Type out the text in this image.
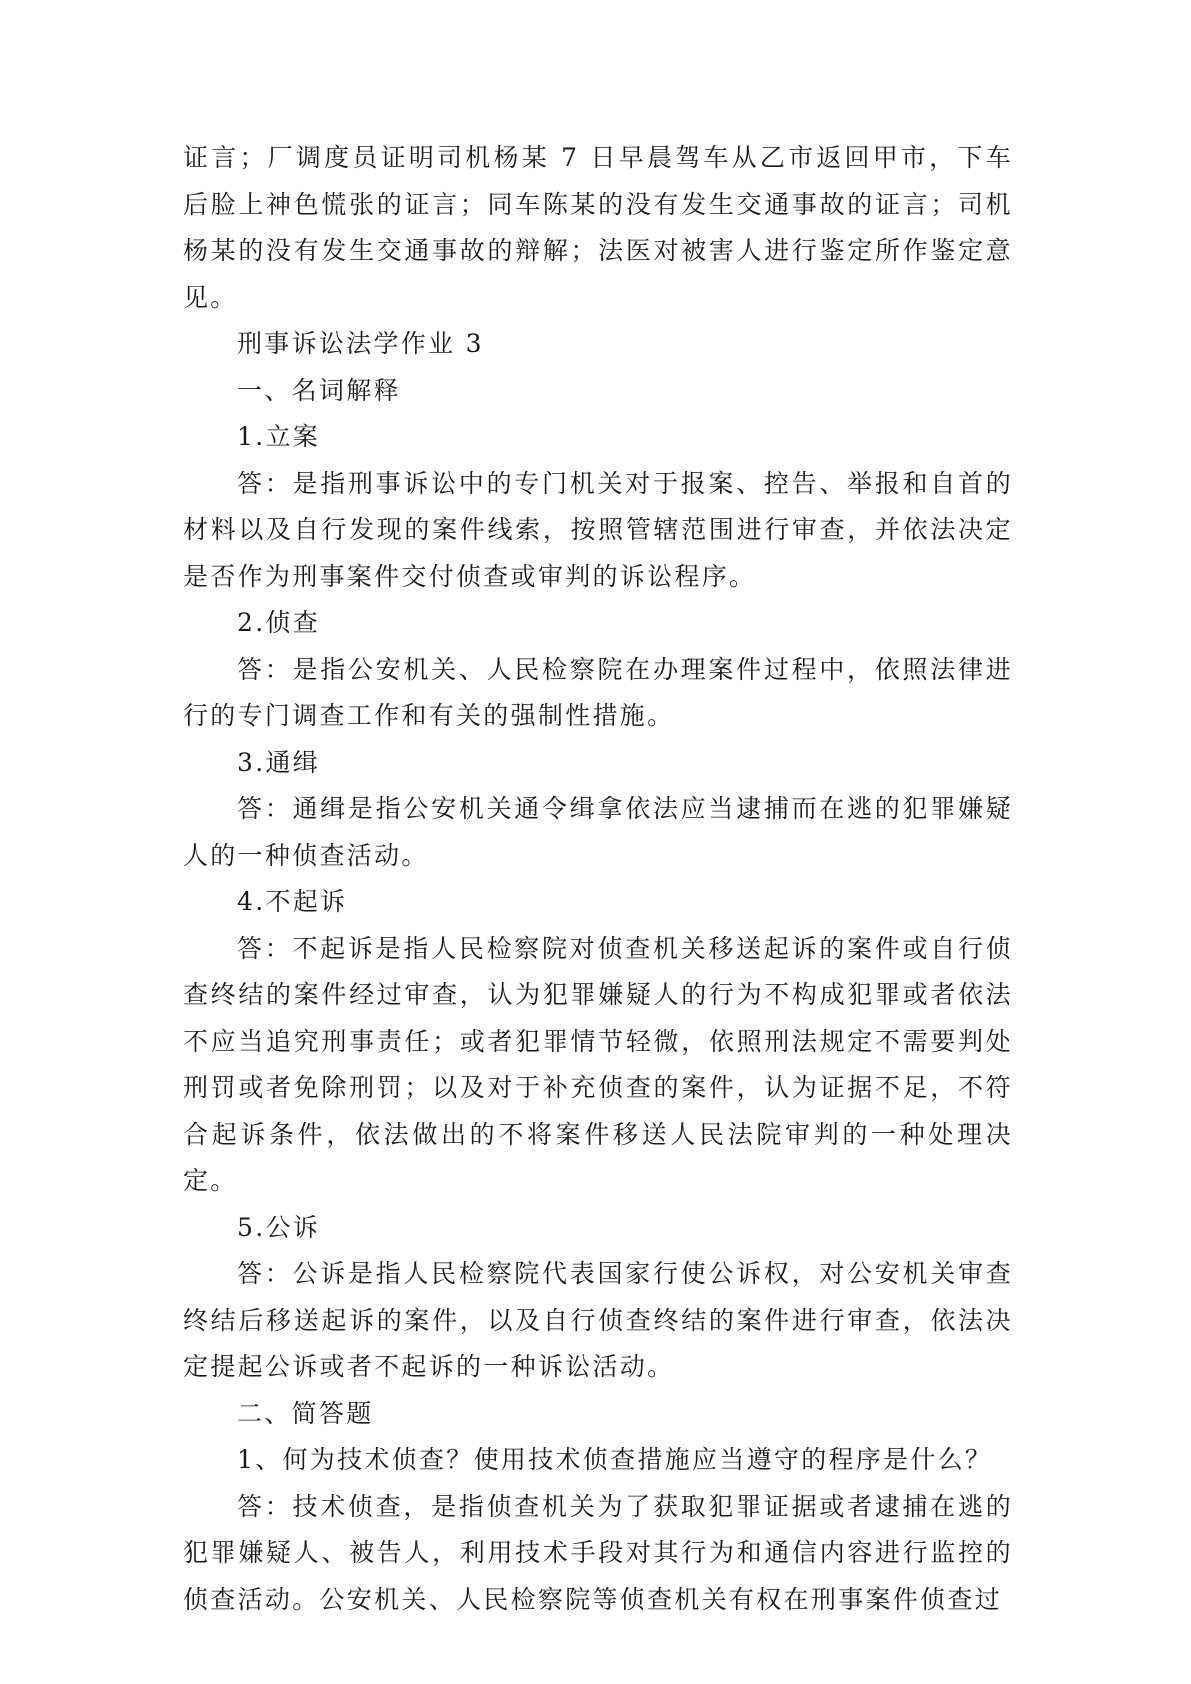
证言；厂调度员证明司机杨某 7 日早晨驾车从乙市返回甲市，下车后脸上神色慌张的证言；同车陈某的没有发生交通事故的证言；司机杨某的没有发生交通事故的辩解；法医对被害人进行鉴定所作鉴定意见。

刑事诉讼法学作业 3

一、名词解释

1.立案

答：是指刑事诉讼中的专门机关对于报案、控告、举报和自首的材料以及自行发现的案件线索，按照管辖范围进行审查，并依法决定是否作为刑事案件交付侦查或审判的诉讼程序。

2.侦查

答：是指公安机关、人民检察院在办理案件过程中，依照法律进行的专门调查工作和有关的强制性措施。

3.通缉

答：通缉是指公安机关通令缉拿依法应当逮捕而在逃的犯罪嫌疑人的一种侦查活动。

4.不起诉

答：不起诉是指人民检察院对侦查机关移送起诉的案件或自行侦查终结的案件经过审查，认为犯罪嫌疑人的行为不构成犯罪或者依法不应当追究刑事责任；或者犯罪情节轻微，依照刑法规定不需要判处刑罚或者免除刑罚；以及对于补充侦查的案件，认为证据不足，不符合起诉条件，依法做出的不将案件移送人民法院审判的一种处理决定。

5.公诉

答：公诉是指人民检察院代表国家行使公诉权，对公安机关审查终结后移送起诉的案件，以及自行侦查终结的案件进行审查，依法决定提起公诉或者不起诉的一种诉讼活动。

二、简答题

1、何为技术侦查？使用技术侦查措施应当遵守的程序是什么？

答：技术侦查，是指侦查机关为了获取犯罪证据或者逮捕在逃的犯罪嫌疑人、被告人，利用技术手段对其行为和通信内容进行监控的侦查活动。公安机关、人民检察院等侦查机关有权在刑事案件侦查过
